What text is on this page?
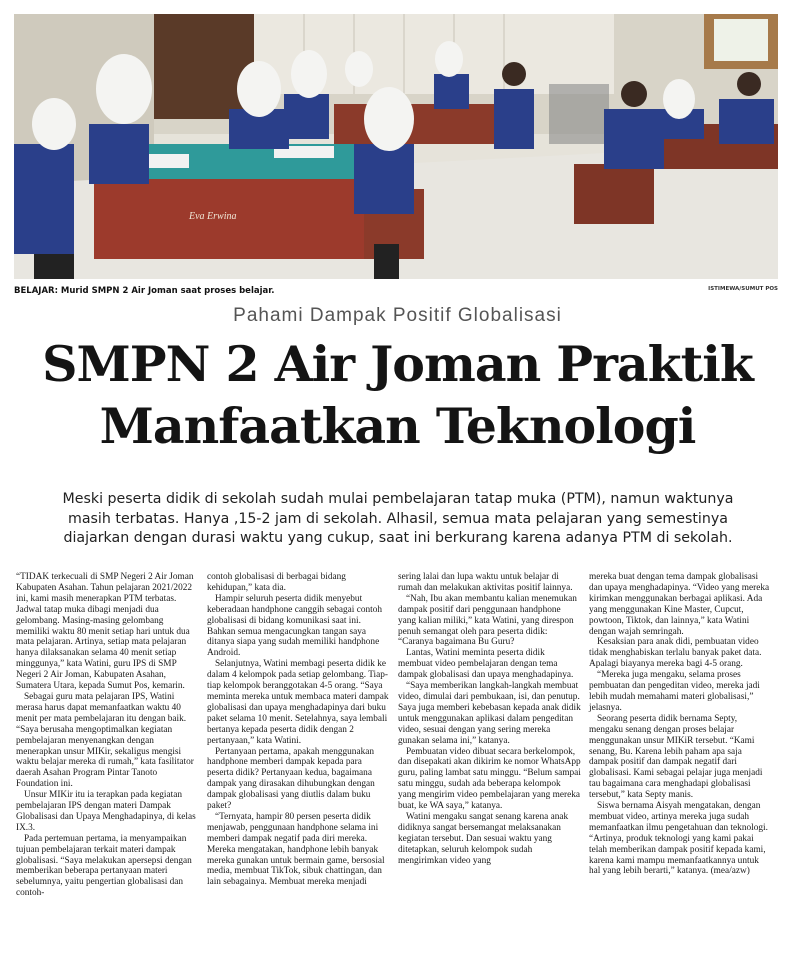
Eva Erwina
BELAJAR: Murid SMPN 2 Air Joman saat proses belajar.	ISTIMEWA/SUMUT POS
Pahami Dampak Positif Globalisasi
SMPN 2 Air Joman Praktik
Manfaatkan Teknologi
Meski peserta didik di sekolah sudah mulai pembelajaran tatap muka (PTM), namun waktunya masih terbatas. Hanya ,15-2 jam di sekolah. Alhasil, semua mata pelajaran yang semestinya diajarkan dengan durasi waktu yang cukup, saat ini berkurang karena adanya PTM di sekolah.

“TIDAK terkecuali di SMP Negeri 2 Air Joman Kabupaten Asahan. Tahun pelajaran 2021/2022 ini, kami masih menerapkan PTM terbatas. Jadwal tatap muka dibagi menjadi dua gelombang. Masing-masing gelombang memiliki waktu 80 menit setiap hari untuk dua mata pelajaran. Artinya, setiap mata pelajaran hanya dilaksanakan selama 40 menit setiap minggunya,” kata Watini, guru IPS di SMP Negeri 2 Air Joman, Kabupaten Asahan, Sumatera Utara, kepada Sumut Pos, kemarin.

Sebagai guru mata pelajaran IPS, Watini merasa harus dapat memanfaatkan waktu 40 menit per mata pembelajaran itu dengan baik. “Saya berusaha mengoptimalkan kegiatan pembelajaran menyenangkan dengan menerapkan unsur MIKir, sekaligus mengisi waktu belajar mereka di rumah,” kata fasilitator daerah Asahan Program Pintar Tanoto Foundation ini.

Unsur MIKir itu ia terapkan pada kegiatan pembelajaran IPS dengan materi Dampak Globalisasi dan Upaya Menghadapinya, di kelas IX.3.

Pada pertemuan pertama, ia menyampaikan tujuan pembelajaran terkait materi dampak globalisasi. “Saya melakukan apersepsi dengan memberikan beberapa pertanyaan materi sebelumnya, yaitu pengertian globalisasi dan contoh-

contoh globalisasi di berbagai bidang kehidupan,” kata dia.

Hampir seluruh peserta didik menyebut keberadaan handphone canggih sebagai contoh globalisasi di bidang komunikasi saat ini. Bahkan semua mengacungkan tangan saya ditanya siapa yang sudah memiliki handphone Android.

Selanjutnya, Watini membagi peserta didik ke dalam 4 kelompok pada setiap gelombang. Tiap-tiap kelompok beranggotakan 4-5 orang. “Saya meminta mereka untuk membaca materi dampak globalisasi dan upaya menghadapinya dari buku paket selama 10 menit. Setelahnya, saya lembali bertanya kepada peserta didik dengan 2 pertanyaan,” kata Watini.

Pertanyaan pertama, apakah menggunakan handphone memberi dampak kepada para peserta didik? Pertanyaan kedua, bagaimana dampak yang dirasakan dihubungkan dengan dampak globalisasi yang diutlis dalam buku paket?

“Ternyata, hampir 80 persen peserta didik menjawab, penggunaan handphone selama ini memberi dampak negatif pada diri mereka. Mereka mengatakan, handphone lebih banyak mereka gunakan untuk bermain game, bersosial media, membuat TikTok, sibuk chattingan, dan lain sebagainya. Membuat mereka menjadi

sering lalai dan lupa waktu untuk belajar di rumah dan melakukan aktivitas positif lainnya.

“Nah, Ibu akan membantu kalian menemukan dampak positif dari penggunaan handphone yang kalian miliki,” kata Watini, yang direspon penuh semangat oleh para peserta didik: “Caranya bagaimana Bu Guru?

Lantas, Watini meminta peserta didik membuat video pembelajaran dengan tema dampak globalisasi dan upaya menghadapinya.

“Saya memberikan langkah-langkah membuat video, dimulai dari pembukaan, isi, dan penutup. Saya juga memberi kebebasan kepada anak didik untuk menggunakan aplikasi dalam pengeditan video, sesuai dengan yang sering mereka gunakan selama ini,” katanya.

Pembuatan video dibuat secara berkelompok, dan disepakati akan dikirim ke nomor WhatsApp guru, paling lambat satu minggu. “Belum sampai satu minggu, sudah ada beberapa kelompok yang mengirim video pembelajaran yang mereka buat, ke WA saya,” katanya.

Watini mengaku sangat senang karena anak didiknya sangat bersemangat melaksanakan kegiatan tersebut. Dan sesuai waktu yang ditetapkan, seluruh kelompok sudah mengirimkan video yang

mereka buat dengan tema dampak globalisasi dan upaya menghadapinya. “Video yang mereka kirimkan menggunakan berbagai aplikasi. Ada yang menggunakan Kine Master, Cupcut, powtoon, Tiktok, dan lainnya,” kata Watini dengan wajah semringah.

Kesaksian para anak didi, pembuatan video tidak menghabiskan terlalu banyak paket data. Apalagi biayanya mereka bagi 4-5 orang.

“Mereka juga mengaku, selama proses pembuatan dan pengeditan video, mereka jadi lebih mudah memahami materi globalisasi,” jelasnya.

Seorang peserta didik bernama Septy, mengaku senang dengan proses belajar menggunakan unsur MIKiR tersebut. “Kami senang, Bu. Karena lebih paham apa saja dampak positif dan dampak negatif dari globalisasi. Kami sebagai pelajar juga menjadi tau bagaimana cara menghadapi globalisasi tersebut,” kata Septy manis.

Siswa bernama Aisyah mengatakan, dengan membuat video, artinya mereka juga sudah memanfaatkan ilmu pengetahuan dan teknologi. “Artinya, produk teknologi yang kami pakai telah memberikan dampak positif kepada kami, karena kami mampu memanfaatkannya untuk hal yang lebih berarti,” katanya. (mea/azw)
